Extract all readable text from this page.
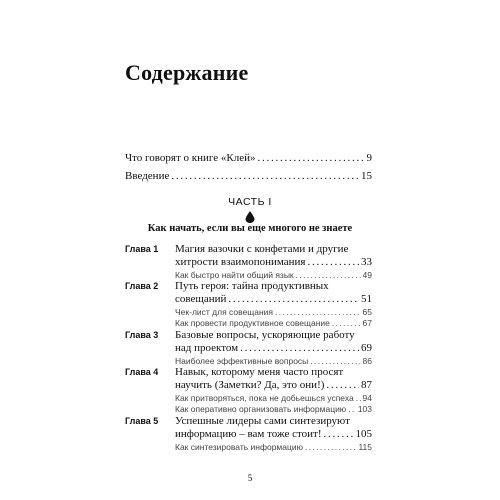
Содержание
Что говорят о книге «Клей» . . .	9
Введение . . .	15
ЧАСТЬ I
Как начать, если вы еще многого не знаете
Глава 1 Магия вазочки с конфетами и другие
хитрости взаимопонимания . . .	33
Как быстро найти общий язык . . .	49
Глава 2 Путь героя: тайна продуктивных
совещаний . . .	51
Чек-лист для совещания . . .	65
Как провести продуктивное совещание . . .	67
Глава 3 Базовые вопросы, ускоряющие работу
над проектом . . .	69
Наиболее эффективные вопросы . . .	86
Глава 4 Навык, которому меня часто просят
научить (Заметки? Да, это они!) . . .	87
Как притворяться, пока не добьешься успеха . . . 94
Как оперативно организовать информацию . . . 103
Глава 5 Успешные лидеры сами синтезируют
информацию – вам тоже стоит! . . .	105
Как синтезировать информацию . . .	115
5
